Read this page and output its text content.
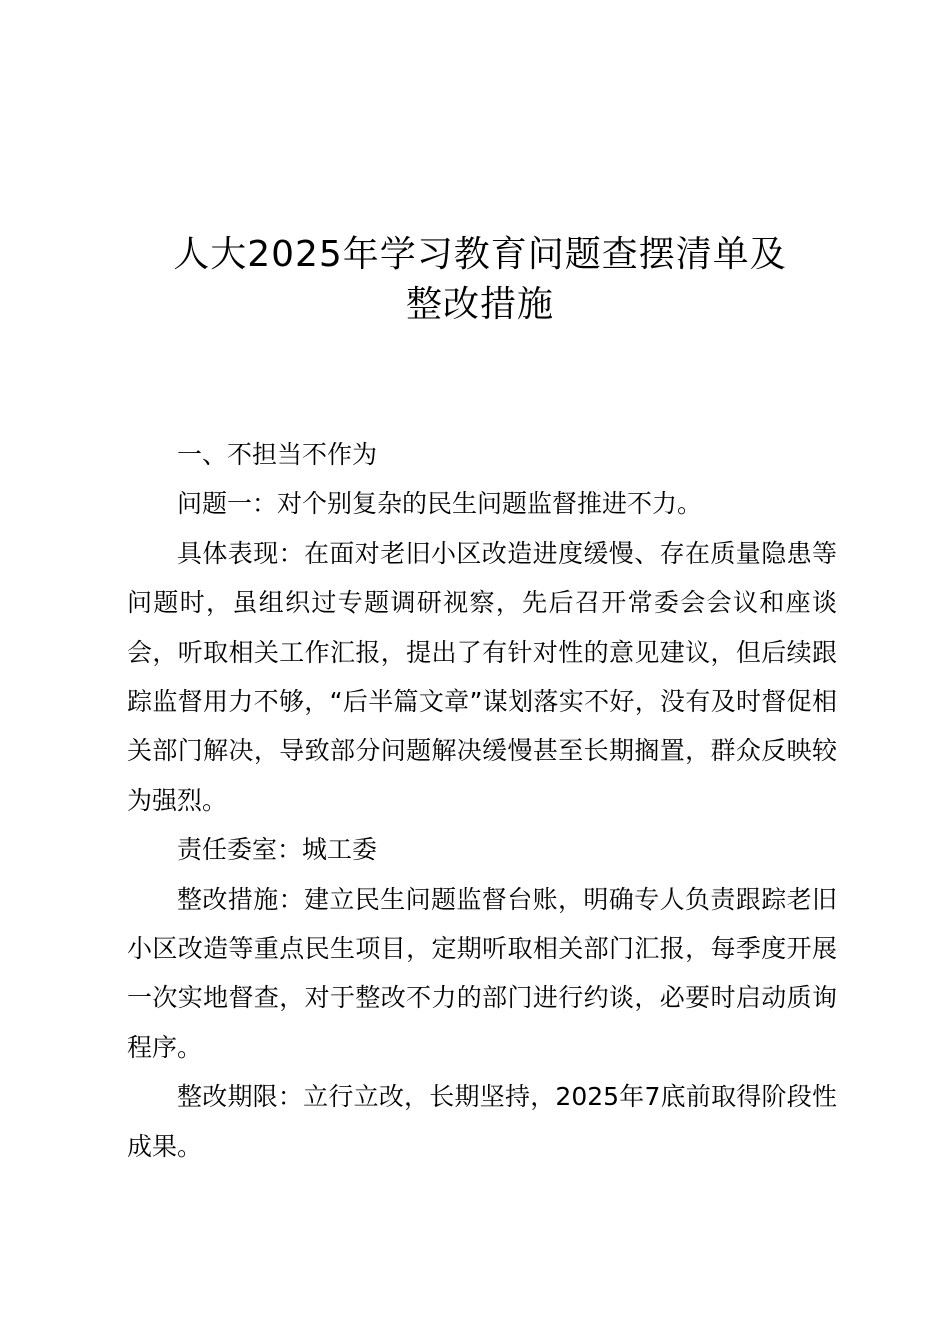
人大2025年学习教育问题查摆清单及
整改措施

一、不担当不作为

问题一：对个别复杂的民生问题监督推进不力。

具体表现：在面对老旧小区改造进度缓慢、存在质量隐患等问题时，虽组织过专题调研视察，先后召开常委会会议和座谈会，听取相关工作汇报，提出了有针对性的意见建议，但后续跟踪监督用力不够，“后半篇文章”谋划落实不好，没有及时督促相关部门解决，导致部分问题解决缓慢甚至长期搁置，群众反映较为强烈。

责任委室：城工委

整改措施：建立民生问题监督台账，明确专人负责跟踪老旧小区改造等重点民生项目，定期听取相关部门汇报，每季度开展一次实地督查，对于整改不力的部门进行约谈，必要时启动质询程序。

整改期限：立行立改，长期坚持，2025年7底前取得阶段性成果。
